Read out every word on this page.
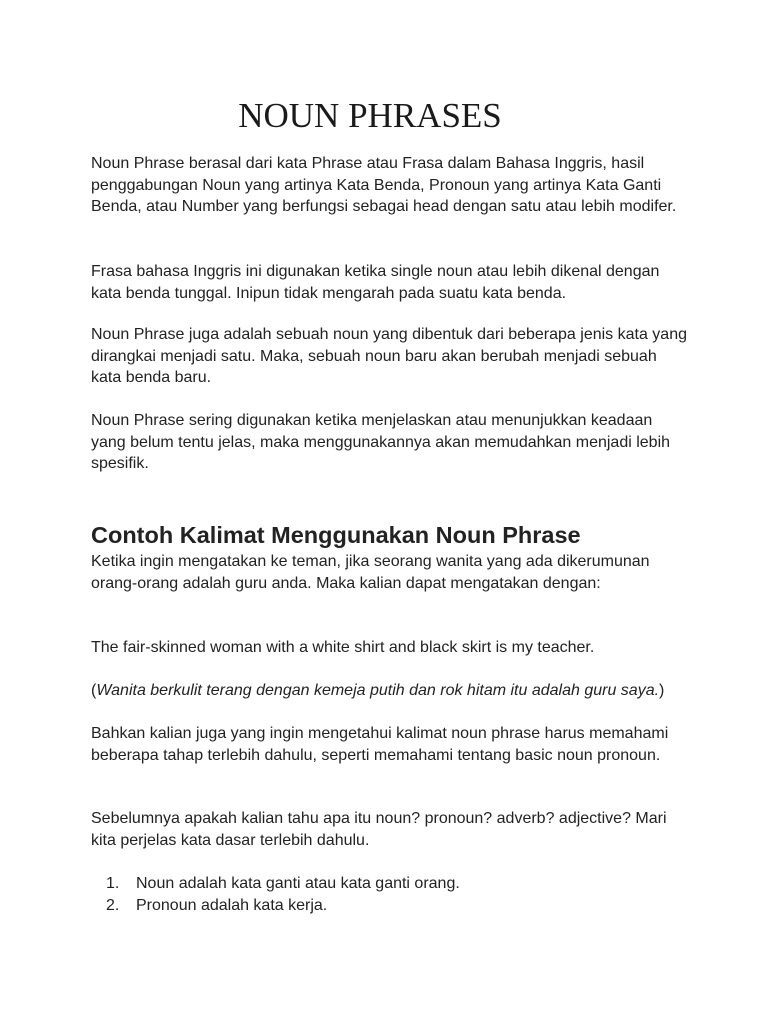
NOUN PHRASES

Noun Phrase berasal dari kata Phrase atau Frasa dalam Bahasa Inggris, hasil penggabungan Noun yang artinya Kata Benda, Pronoun yang artinya Kata Ganti Benda, atau Number yang berfungsi sebagai head dengan satu atau lebih modifer.

Frasa bahasa Inggris ini digunakan ketika single noun atau lebih dikenal dengan kata benda tunggal. Inipun tidak mengarah pada suatu kata benda.

Noun Phrase juga adalah sebuah noun yang dibentuk dari beberapa jenis kata yang dirangkai menjadi satu. Maka, sebuah noun baru akan berubah menjadi sebuah kata benda baru.

Noun Phrase sering digunakan ketika menjelaskan atau menunjukkan keadaan yang belum tentu jelas, maka menggunakannya akan memudahkan menjadi lebih spesifik.

Contoh Kalimat Menggunakan Noun Phrase

Ketika ingin mengatakan ke teman, jika seorang wanita yang ada dikerumunan orang-orang adalah guru anda. Maka kalian dapat mengatakan dengan:

The fair-skinned woman with a white shirt and black skirt is my teacher.

(Wanita berkulit terang dengan kemeja putih dan rok hitam itu adalah guru saya.)

Bahkan kalian juga yang ingin mengetahui kalimat noun phrase harus memahami beberapa tahap terlebih dahulu, seperti memahami tentang basic noun pronoun.

Sebelumnya apakah kalian tahu apa itu noun? pronoun? adverb? adjective? Mari kita perjelas kata dasar terlebih dahulu.

1.	Noun adalah kata ganti atau kata ganti orang.
2.	Pronoun adalah kata kerja.
